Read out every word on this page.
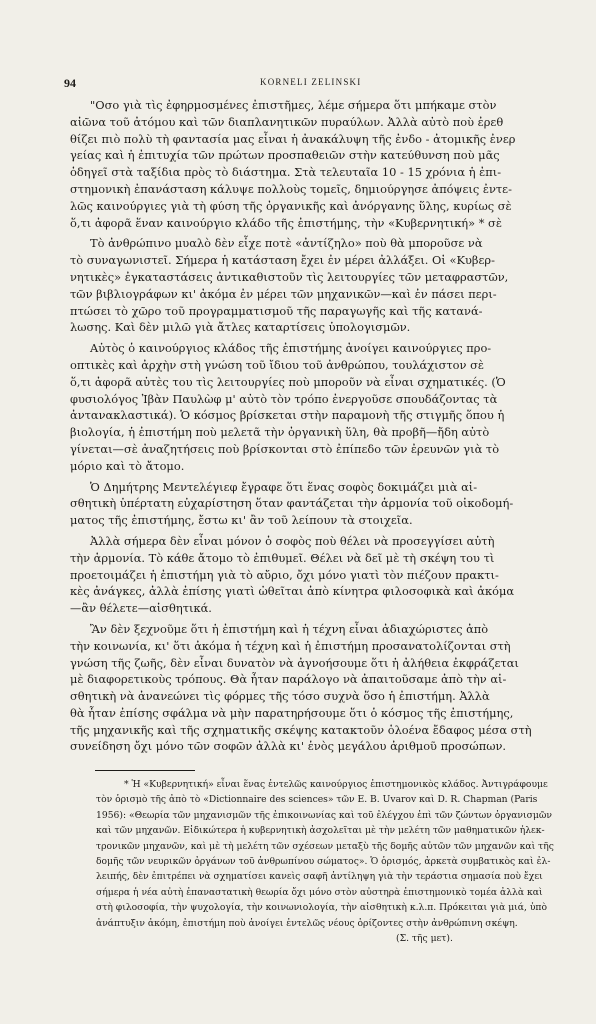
94	KORNELI ZELINSKI

"Οσο γιὰ τὶς ἐφηρμοσμένες ἐπιστῆμες, λέμε σήμερα ὅτι μπήκαμε στὸν
αἰῶνα τοῦ ἀτόμου καὶ τῶν διαπλανητικῶν πυραύλων. Ἀλλὰ αὐτὸ ποὺ ἐρεθ
θίζει πιὸ πολὺ τὴ φαντασία μας εἶναι ἡ ἀνακάλυψη τῆς ἐνδο - ἀτομικῆς ἐνερ
γείας καὶ ἡ ἐπιτυχία τῶν πρώτων προσπαθειῶν στὴν κατεύθυνση ποὺ μᾶς
ὁδηγεῖ στὰ ταξίδια πρὸς τὸ διάστημα. Στὰ τελευταῖα 10 - 15 χρόνια ἡ ἐπι-
στημονικὴ ἐπανάσταση κάλυψε πολλοὺς τομεῖς, δημιούργησε ἀπόψεις ἐντε-
λῶς καινούργιες γιὰ τὴ φύση τῆς ὀργανικῆς καὶ ἀνόργανης ὕλης, κυρίως σὲ
ὅ,τι ἀφορᾶ ἕναν καινούργιο κλάδο τῆς ἐπιστήμης, τὴν «Κυβερνητική» * σὲ

Τὸ ἀνθρώπινο μυαλὸ δὲν εἶχε ποτὲ «ἀντίζηλο» ποὺ θὰ μποροῦσε νὰ
τὸ συναγωνιστεῖ. Σήμερα ἡ κατάσταση ἔχει ἐν μέρει ἀλλάξει. Οἱ «Κυβερ-
νητικὲς» ἐγκαταστάσεις ἀντικαθιστοῦν τὶς λειτουργίες τῶν μεταφραστῶν,
τῶν βιβλιογράφων κι' ἀκόμα ἐν μέρει τῶν μηχανικῶν—καὶ ἐν πάσει περι-
πτώσει τὸ χῶρο τοῦ προγραμματισμοῦ τῆς παραγωγῆς καὶ τῆς κατανά-
λωσης. Καὶ δὲν μιλῶ γιὰ ἄτλες καταρτίσεις ὑπολογισμῶν.

Αὐτὸς ὁ καινούργιος κλάδος τῆς ἐπιστήμης ἀνοίγει καινούργιες προ-
οπτικὲς καὶ ἀρχὴν στὴ γνώση τοῦ ἴδιου τοῦ ἀνθρώπου, τουλάχιστον σὲ
ὅ,τι ἀφορᾶ αὐτὲς του τὶς λειτουργίες ποὺ μποροῦν νὰ εἶναι σχηματικές. (Ὁ
φυσιολόγος Ἰβὰν Παυλὼφ μ' αὐτὸ τὸν τρόπο ἐνεργοῦσε σπουδάζοντας τὰ
ἀντανακλαστικά). Ὁ κόσμος βρίσκεται στὴν παραμονὴ τῆς στιγμῆς ὅπου ἡ
βιολογία, ἡ ἐπιστήμη ποὺ μελετᾶ τὴν ὀργανικὴ ὕλη, θὰ προβῆ—ἤδη αὐτὸ
γίνεται—σὲ ἀναζητήσεις ποὺ βρίσκονται στὸ ἐπίπεδο τῶν ἐρευνῶν γιὰ τὸ
μόριο καὶ τὸ ἄτομο.

Ὁ Δημήτρης Μεντελέγιεφ ἔγραφε ὅτι ἕνας σοφὸς δοκιμάζει μιὰ αἰ-
σθητικὴ ὑπέρτατη εὐχαρίστηση ὅταν φαντάζεται τὴν ἁρμονία τοῦ οἰκοδομή-
ματος τῆς ἐπιστήμης, ἔστω κι' ἂν τοῦ λείπουν τὰ στοιχεῖα.

Ἀλλὰ σήμερα δὲν εἶναι μόνον ὁ σοφὸς ποὺ θέλει νὰ προσεγγίσει αὐτὴ
τὴν ἁρμονία. Τὸ κάθε ἄτομο τὸ ἐπιθυμεῖ. Θέλει νὰ δεῖ μὲ τὴ σκέψη του τὶ
προετοιμάζει ἡ ἐπιστήμη γιὰ τὸ αὔριο, ὄχι μόνο γιατὶ τὸν πιέζουν πρακτι-
κὲς ἀνάγκες, ἀλλὰ ἐπίσης γιατὶ ὠθεῖται ἀπὸ κίνητρα φιλοσοφικὰ καὶ ἀκόμα
—ἂν θέλετε—αἰσθητικά.

Ἂν δὲν ξεχνοῦμε ὅτι ἡ ἐπιστήμη καὶ ἡ τέχνη εἶναι ἀδιαχώριστες ἀπὸ
τὴν κοινωνία, κι' ὅτι ἀκόμα ἡ τέχνη καὶ ἡ ἐπιστήμη προσανατολίζονται στὴ
γνώση τῆς ζωῆς, δὲν εἶναι δυνατὸν νὰ ἀγνοήσουμε ὅτι ἡ ἀλήθεια ἐκφράζεται
μὲ διαφορετικοὺς τρόπους. Θὰ ἦταν παράλογο νὰ ἀπαιτοῦσαμε ἀπὸ τὴν αἰ-
σθητικὴ νὰ ἀνανεώνει τὶς φόρμες τῆς τόσο συχνὰ ὅσο ἡ ἐπιστήμη. Ἀλλὰ
θὰ ἦταν ἐπίσης σφάλμα νὰ μὴν παρατηρήσουμε ὅτι ὁ κόσμος τῆς ἐπιστήμης,
τῆς μηχανικῆς καὶ τῆς σχηματικῆς σκέψης κατακτοῦν ὁλοένα ἔδαφος μέσα στὴ
συνείδηση ὄχι μόνο τῶν σοφῶν ἀλλὰ κι' ἑνὸς μεγάλου ἀριθμοῦ προσώπων.

* Ἡ «Κυβερνητική» εἶναι ἕνας ἐντελῶς καινούργιος ἐπιστημονικὸς κλάδος. Ἀντιγράφουμε
τὸν ὁρισμὸ τῆς ἀπὸ τὸ «Dictionnaire des sciences» τῶν E. B. Uvarov καὶ D. R. Chapman (Paris
1956): «Θεωρία τῶν μηχανισμῶν τῆς ἐπικοινωνίας καὶ τοῦ ἐλέγχου ἐπὶ τῶν ζώντων ὀργανισμῶν
καὶ τῶν μηχανῶν. Εἰδικώτερα ἡ κυβερνητικὴ ἀσχολεῖται μὲ τὴν μελέτη τῶν μαθηματικῶν ἠλεκ-
τρονικῶν μηχανῶν, καὶ μὲ τὴ μελέτη τῶν σχέσεων μεταξὺ τῆς δομῆς αὐτῶν τῶν μηχανῶν καὶ τῆς
δομῆς τῶν νευρικῶν ὀργάνων τοῦ ἀνθρωπίνου σώματος». Ὁ ὁρισμός, ἀρκετὰ συμβατικὸς καὶ ἐλ-
λειπής, δὲν ἐπιτρέπει νὰ σχηματίσει κανεὶς σαφῆ ἀντίληψη γιὰ τὴν τεράστια σημασία ποὺ ἔχει
σήμερα ἡ νέα αὐτὴ ἐπαναστατικὴ θεωρία ὄχι μόνο στὸν αὐστηρὰ ἐπιστημονικὸ τομέα ἀλλὰ καὶ
στὴ φιλοσοφία, τὴν ψυχολογία, τὴν κοινωνιολογία, τὴν αἰσθητικὴ κ.λ.π. Πρόκειται γιὰ μιά, ὑπὸ
ἀνάπτυξιν ἀκόμη, ἐπιστήμη ποὺ ἀνοίγει ἐντελῶς νέους ὁρίζοντες στὴν ἀνθρώπινη σκέψη.
(Σ. τῆς μετ).
